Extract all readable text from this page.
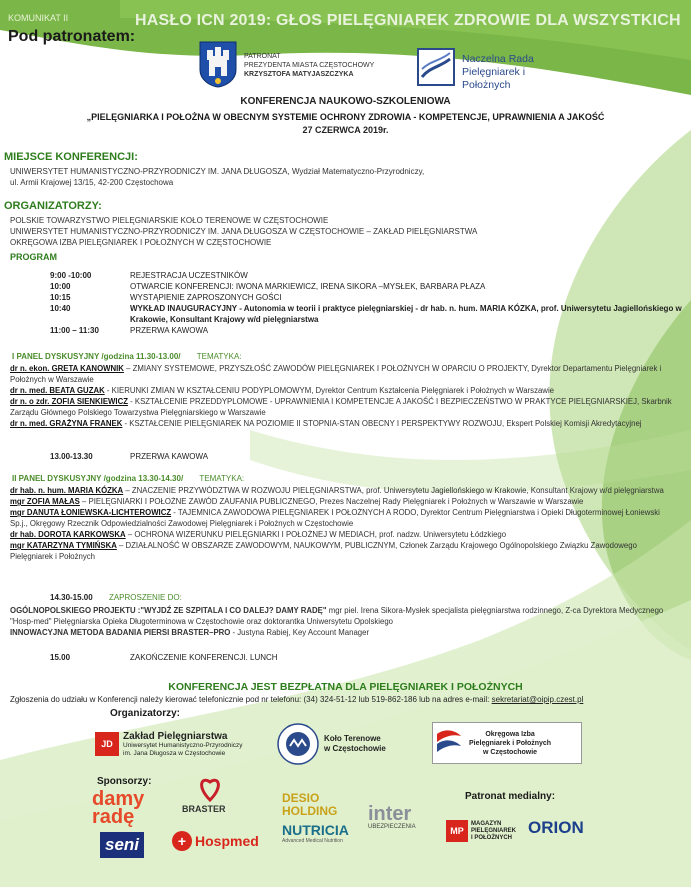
KOMUNIKAT II	HASŁO ICN 2019: GŁOS PIELĘGNIAREK ZDROWIE DLA WSZYSTKICH
Pod patronatem:
PATRONAT
PREZYDENTA MIASTA CZĘSTOCHOWY
KRZYSZTOFA MATYJASZCZYKA
Naczelna Rada
Pielęgniarek i Położnych
KONFERENCJA NAUKOWO-SZKOLENIOWA
„PIELĘGNIARKA I POŁOŻNA W OBECNYM SYSTEMIE OCHRONY ZDROWIA - KOMPETENCJE, UPRAWNIENIA A JAKOŚĆ
27 CZERWCA 2019r.
MIEJSCE KONFERENCJI:
UNIWERSYTET HUMANISTYCZNO-PRZYRODNICZY IM. JANA DŁUGOSZA, Wydział Matematyczno-Przyrodniczy,
ul. Armii Krajowej 13/15, 42-200 Częstochowa
ORGANIZATORZY:
POLSKIE TOWARZYSTWO PIELĘGNIARSKIE KOŁO TERENOWE W CZĘSTOCHOWIE
UNIWERSYTET HUMANISTYCZNO-PRZYRODNICZY IM. JANA DŁUGOSZA W CZĘSTOCHOWIE – ZAKŁAD PIELĘGNIARSTWA
OKRĘGOWA IZBA PIELĘGNIAREK I POŁOŻNYCH W CZĘSTOCHOWIE
PROGRAM
9:00 -10:00	REJESTRACJA UCZESTNIKÓW
10:00	OTWARCIE KONFERENCJI: IWONA MARKIEWICZ, IRENA SIKORA –MYSŁEK, BARBARA PŁAZA
10:15	WYSTĄPIENIE ZAPROSZONYCH GOŚCI
10:40	WYKŁAD INAUGURACYJNY - Autonomia w teorii i praktyce pielęgniarskiej - dr hab. n. hum. MARIA KÓZKA, prof. Uniwersytetu Jagiellońskiego w Krakowie, Konsultant Krajowy w/d pielęgniarstwa
11:00 – 11:30	PRZERWA KAWOWA
I PANEL DYSKUSYJNY /godzina 11.30-13.00/ TEMATYKA:
dr n. ekon. GRETA KANOWNIK – ZMIANY SYSTEMOWE, PRZYSZŁOŚĆ ZAWODÓW PIELĘGNIAREK I POŁOŻNYCH W OPARCIU O PROJEKTY, Dyrektor Departamentu Pielęgniarek i Położnych w Warszawie
dr n. med. BEATA GUZAK - KIERUNKI ZMIAN W KSZTAŁCENIU PODYPLOMOWYM, Dyrektor Centrum Kształcenia Pielęgniarek i Położnych w Warszawie
dr n. o zdr. ZOFIA SIENKIEWICZ - KSZTAŁCENIE PRZEDDYPLOMOWE - UPRAWNIENIA I KOMPETENCJE A JAKOŚĆ I BEZPIECZEŃSTWO W PRAKTYCE PIELĘGNIARSKIEJ, Skarbnik Zarządu Głównego Polskiego Towarzystwa Pielęgniarskiego w Warszawie
dr n. med. GRAŻYNA FRANEK - KSZTAŁCENIE PIELĘGNIAREK NA POZIOMIE II STOPNIA-STAN OBECNY I PERSPEKTYWY ROZWOJU, Ekspert Polskiej Komisji Akredytacyjnej
13.00-13.30	PRZERWA KAWOWA
II PANEL DYSKUSYJNY /godzina 13.30-14.30/ TEMATYKA:
dr hab. n. hum. MARIA KÓZKA – ZNACZENIE PRZYWÓDZTWA W ROZWOJU PIELĘGNIARSTWA, prof. Uniwersytetu Jagiellońskiego w Krakowie, Konsultant Krajowy w/d pielęgniarstwa
mgr ZOFIA MAŁAS – PIELĘGNIARKI I POŁOŻNE ZAWÓD ZAUFANIA PUBLICZNEGO, Prezes Naczelnej Rady Pielęgniarek i Położnych w Warszawie w Warszawie
mgr DANUTA ŁONIEWSKA-LICHTEROWICZ - TAJEMNICA ZAWODOWA PIELĘGNIAREK I POŁOŻNYCH A RODO, Dyrektor Centrum Pielęgniarstwa i Opieki Długoterminowej Łoniewski Sp.j., Okręgowy Rzecznik Odpowiedzialności Zawodowej Pielęgniarek i Położnych w Częstochowie
dr hab. DOROTA KARKOWSKA – OCHRONA WIZERUNKU PIELĘGNIARKI I POŁOŻNEJ W MEDIACH, prof. nadzw. Uniwersytetu Łódzkiego
mgr KATARZYNA TYMIŃSKA – DZIAŁALNOŚĆ W OBSZARZE ZAWODOWYM, NAUKOWYM, PUBLICZNYM, Członek Zarządu Krajowego Ogólnopolskiego Związku Zawodowego Pielęgniarek i Położnych
14.30-15.00 ZAPROSZENIE DO:
OGÓLNOPOLSKIEGO PROJEKTU :"WYJDŹ ZE SZPITALA I CO DALEJ? DAMY RADĘ" mgr piel. Irena Sikora-Mysłek specjalista pielęgniarstwa rodzinnego, Z-ca Dyrektora Medycznego "Hosp-med" Pielęgniarska Opieka Długoterminowa w Częstochowie oraz doktorantka Uniwersytetu Opolskiego
INNOWACYJNA METODA BADANIA PIERSI BRASTER–PRO - Justyna Rabiej, Key Account Manager
15.00	ZAKOŃCZENIE KONFERENCJI. LUNCH
KONFERENCJA JEST BEZPŁATNA DLA PIELĘGNIAREK I POŁOŻNYCH
Zgłoszenia do udziału w Konferencji należy kierować telefonicznie pod nr telefonu: (34) 324-51-12 lub 519-862-186 lub na adres e-mail: sekretariat@oipip.czest.pl
Organizatorzy:
JD
Zakład Pielęgniarstwa
Uniwersytet Humanistyczno-Przyrodniczy
im. Jana Długosza w Częstochowie
Koło Terenowe
w Częstochowie
Okręgowa Izba
Pielęgniarek i Położnych
w Częstochowie
Sponsorzy:
Patronat medialny:
damy
radę
seni
BRASTER
+ Hospmed
DESIO
HOLDING
NUTRICIA
Advanced Medical Nutrition
inter
UBEZPIECZENIA	MP
MAGAZYN
PIELĘGNIAREK
I POŁOŻNYCH
ORION
